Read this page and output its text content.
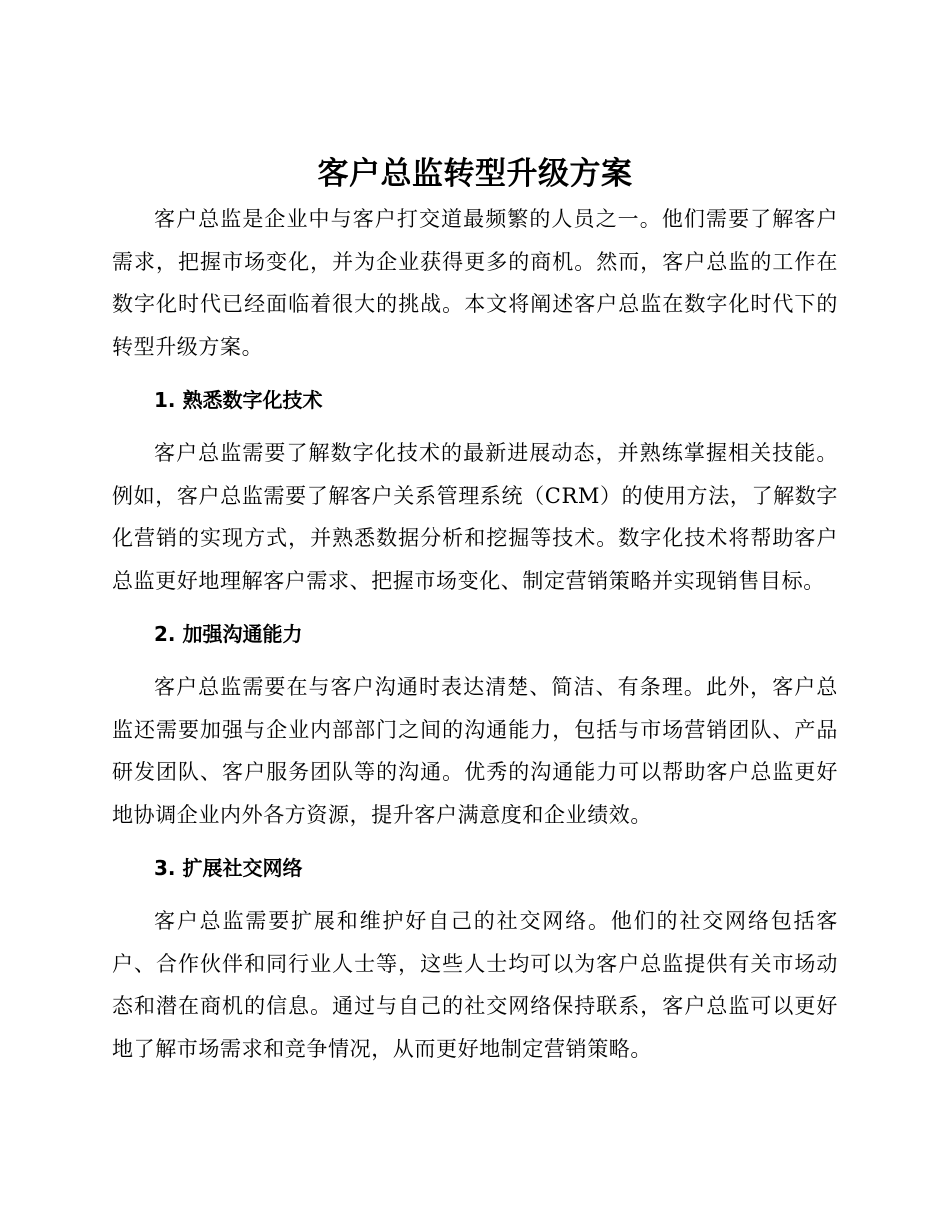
客户总监转型升级方案

客户总监是企业中与客户打交道最频繁的人员之一。他们需要了解客户需求，把握市场变化，并为企业获得更多的商机。然而，客户总监的工作在数字化时代已经面临着很大的挑战。本文将阐述客户总监在数字化时代下的转型升级方案。

1. 熟悉数字化技术

客户总监需要了解数字化技术的最新进展动态，并熟练掌握相关技能。例如，客户总监需要了解客户关系管理系统（CRM）的使用方法，了解数字化营销的实现方式，并熟悉数据分析和挖掘等技术。数字化技术将帮助客户总监更好地理解客户需求、把握市场变化、制定营销策略并实现销售目标。

2. 加强沟通能力

客户总监需要在与客户沟通时表达清楚、简洁、有条理。此外，客户总监还需要加强与企业内部部门之间的沟通能力，包括与市场营销团队、产品研发团队、客户服务团队等的沟通。优秀的沟通能力可以帮助客户总监更好地协调企业内外各方资源，提升客户满意度和企业绩效。

3. 扩展社交网络

客户总监需要扩展和维护好自己的社交网络。他们的社交网络包括客户、合作伙伴和同行业人士等，这些人士均可以为客户总监提供有关市场动态和潜在商机的信息。通过与自己的社交网络保持联系，客户总监可以更好地了解市场需求和竞争情况，从而更好地制定营销策略。
